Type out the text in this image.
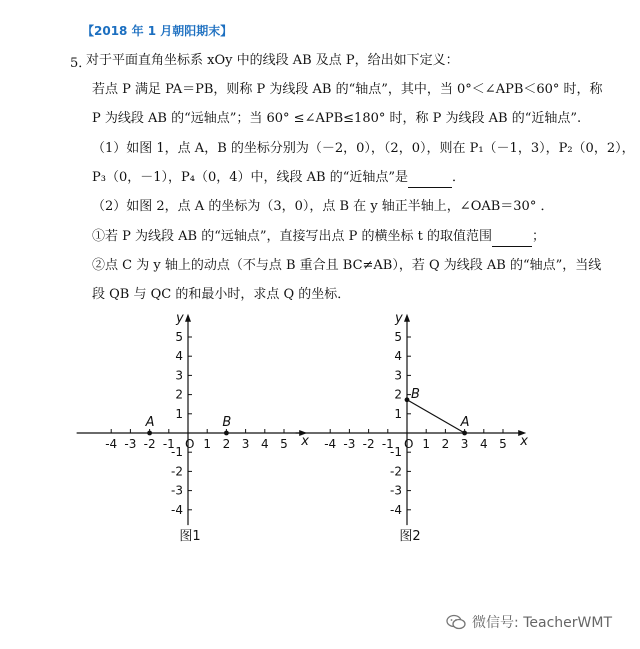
【2018 年 1 月朝阳期末】
5．
对于平面直角坐标系 xOy 中的线段 AB 及点 P，给出如下定义：
若点 P 满足 PA＝PB，则称 P 为线段 AB 的“轴点”，其中，当 0°＜∠APB＜60° 时，称
P 为线段 AB 的“远轴点”；当 60° ≤∠APB≤180° 时，称 P 为线段 AB 的“近轴点”.
（1）如图 1，点 A，B 的坐标分别为（－2，0），（2，0），则在 P₁（－1，3），P₂（0，2），
P₃（0，－1），P₄（0，4）中，线段 AB 的“近轴点”是	．
（2）如图 2，点 A 的坐标为（3，0），点 B 在 y 轴正半轴上，∠OAB＝30° ．
①若 P 为线段 AB 的“远轴点”，直接写出点 P 的横坐标 t 的取值范围	；
②点 C 为 y 轴上的动点（不与点 B 重合且 BC≠AB），若 Q 为线段 AB 的“轴点”，当线
段 QB 与 QC 的和最小时，求点 Q 的坐标．
-4 -3 -2 -1 1 2 3 4 5
5
4
3
2
1
-1
-2
-3
-4
O	x
y
A	B
图1
-4 -3 -2 -1 1 2 3 4 5
5
4
3
2
1
-1
-2
-3
-4
O	x
y
A
B
图2
微信号: TeacherWMT
